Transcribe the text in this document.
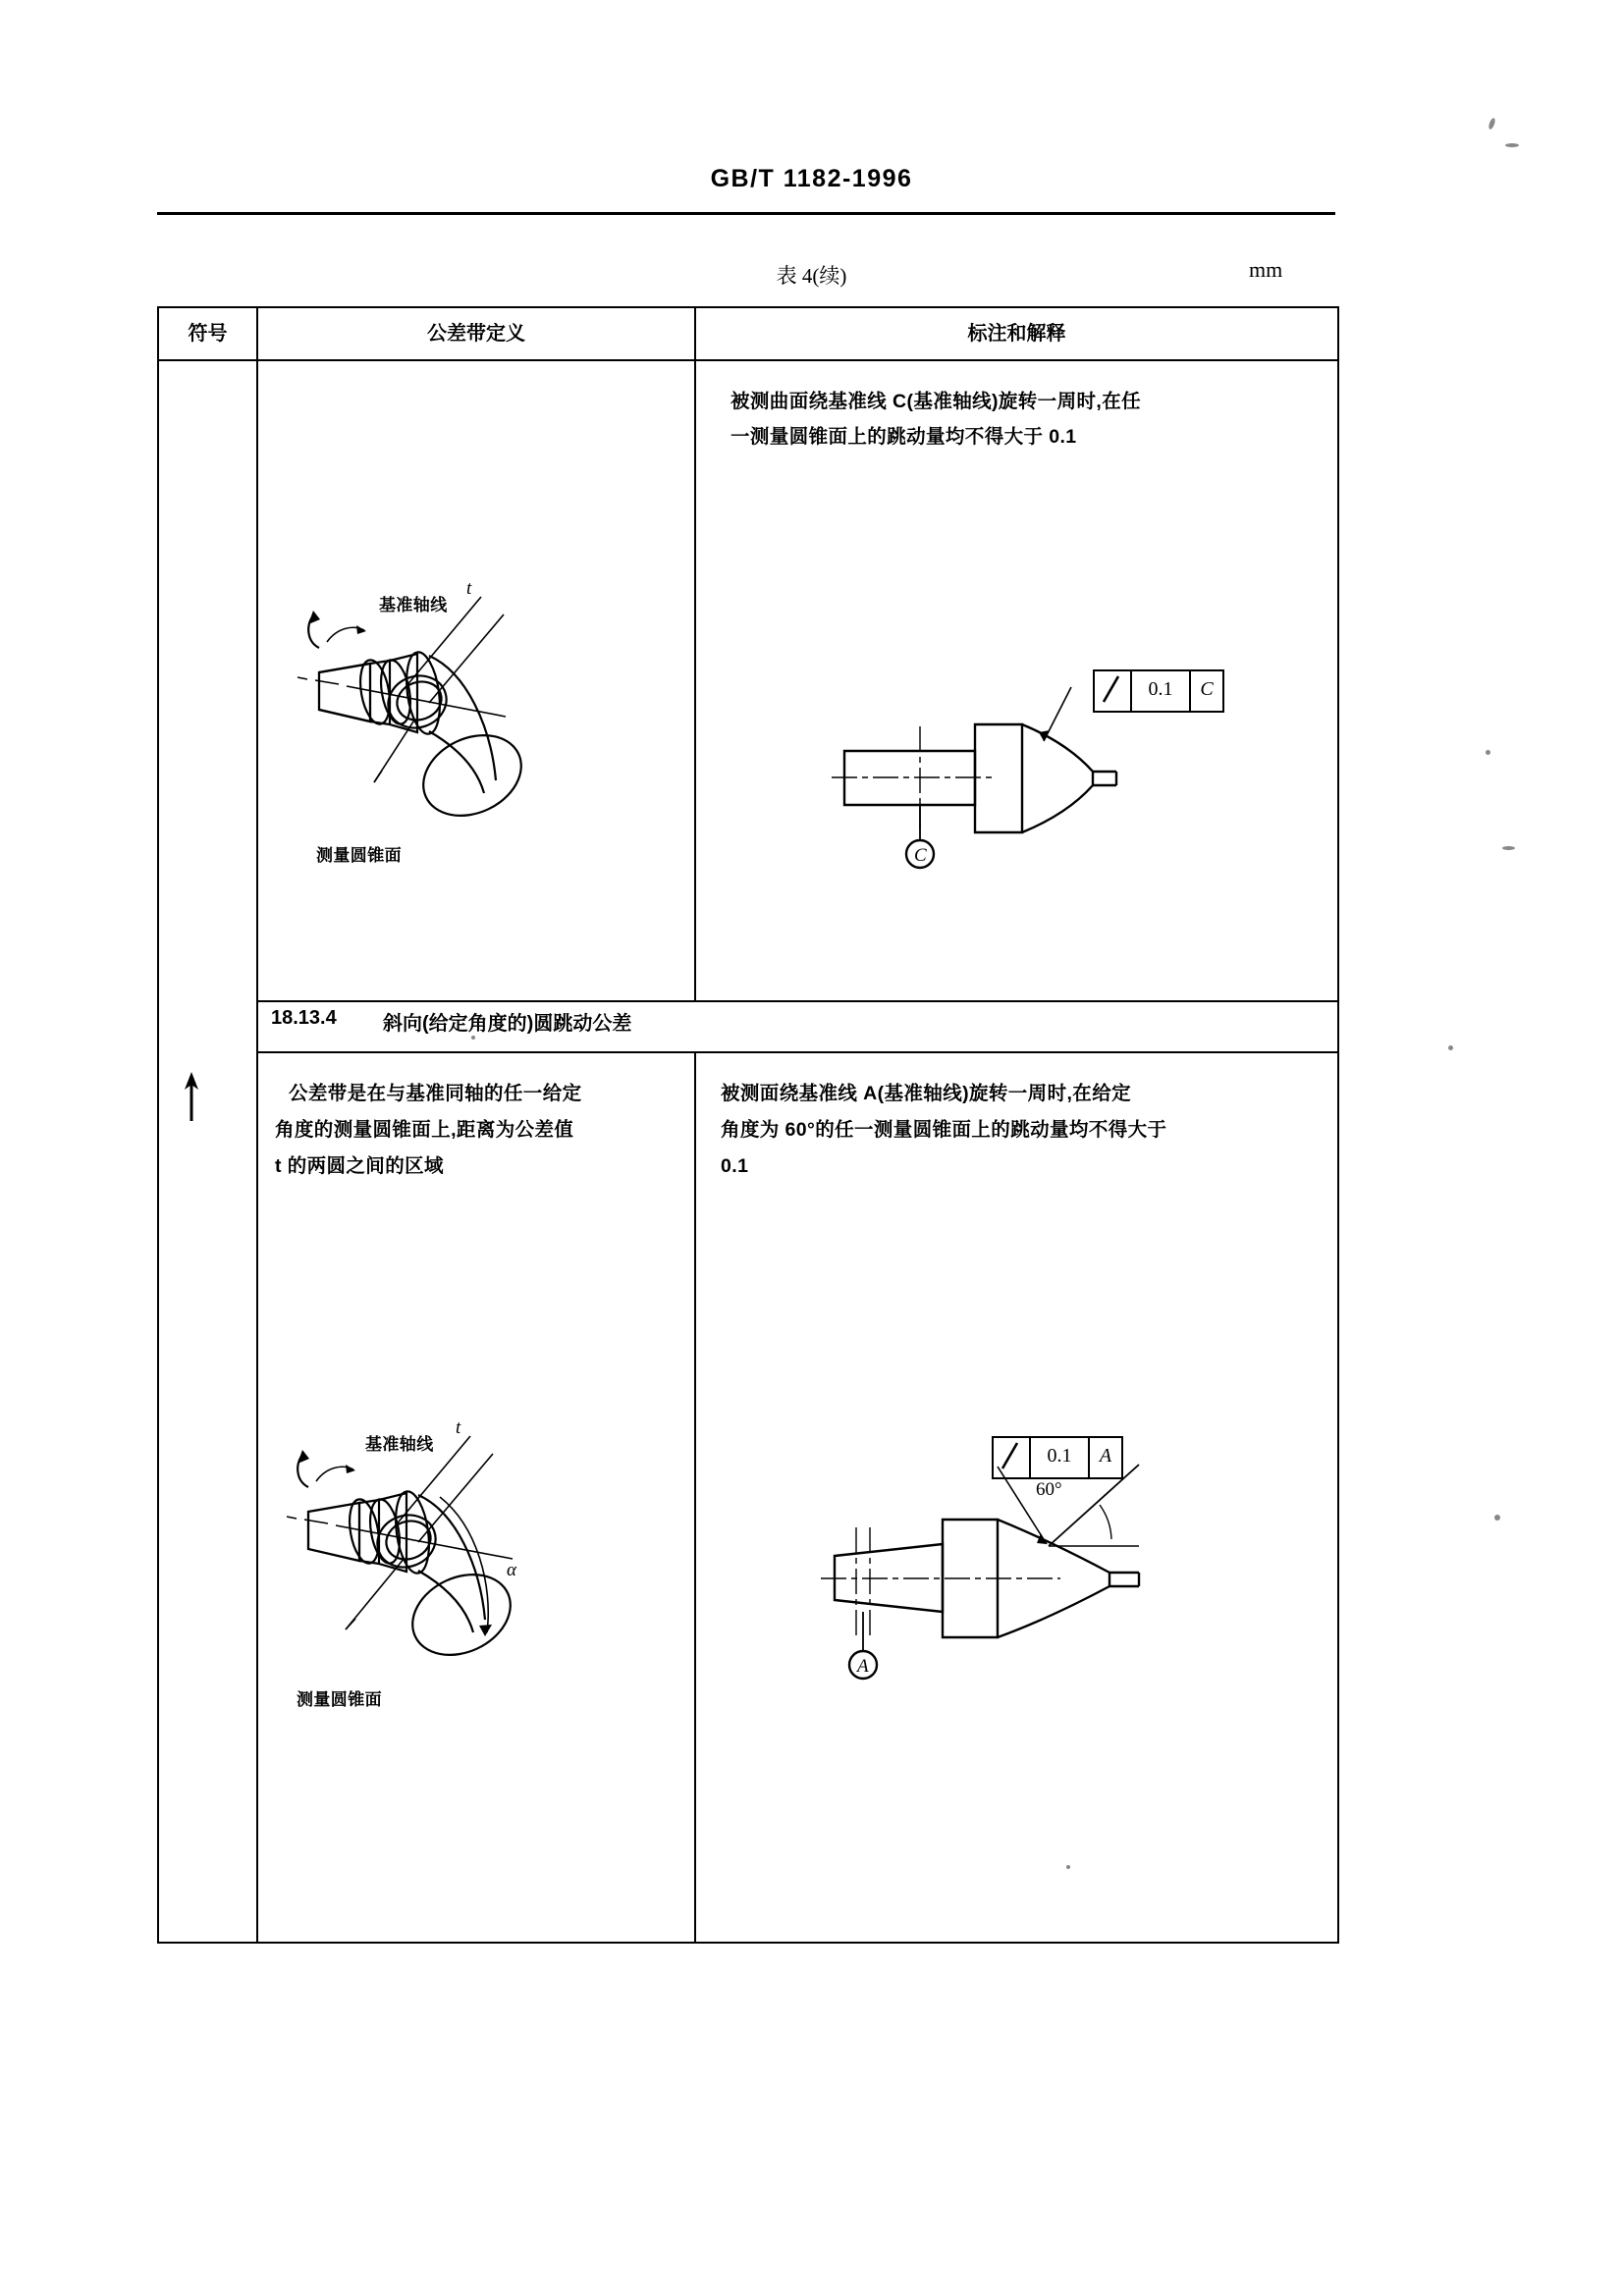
GB/T 1182-1996
表 4(续)	mm
符号	公差带定义	标注和解释
被测曲面绕基准线 C(基准轴线)旋转一周时,在任
一测量圆锥面上的跳动量均不得大于 0.1
18.13.4 斜向(给定角度的)圆跳动公差
公差带是在与基准同轴的任一给定
角度的测量圆锥面上,距离为公差值
t 的两圆之间的区域
被测面绕基准线 A(基准轴线)旋转一周时,在给定
角度为 60°的任一测量圆锥面上的跳动量均不得大于
0.1
t
基准轴线
测量圆锥面	C
0.1	C
t
α
基准轴线
测量圆锥面
A
60°
0.1	A
